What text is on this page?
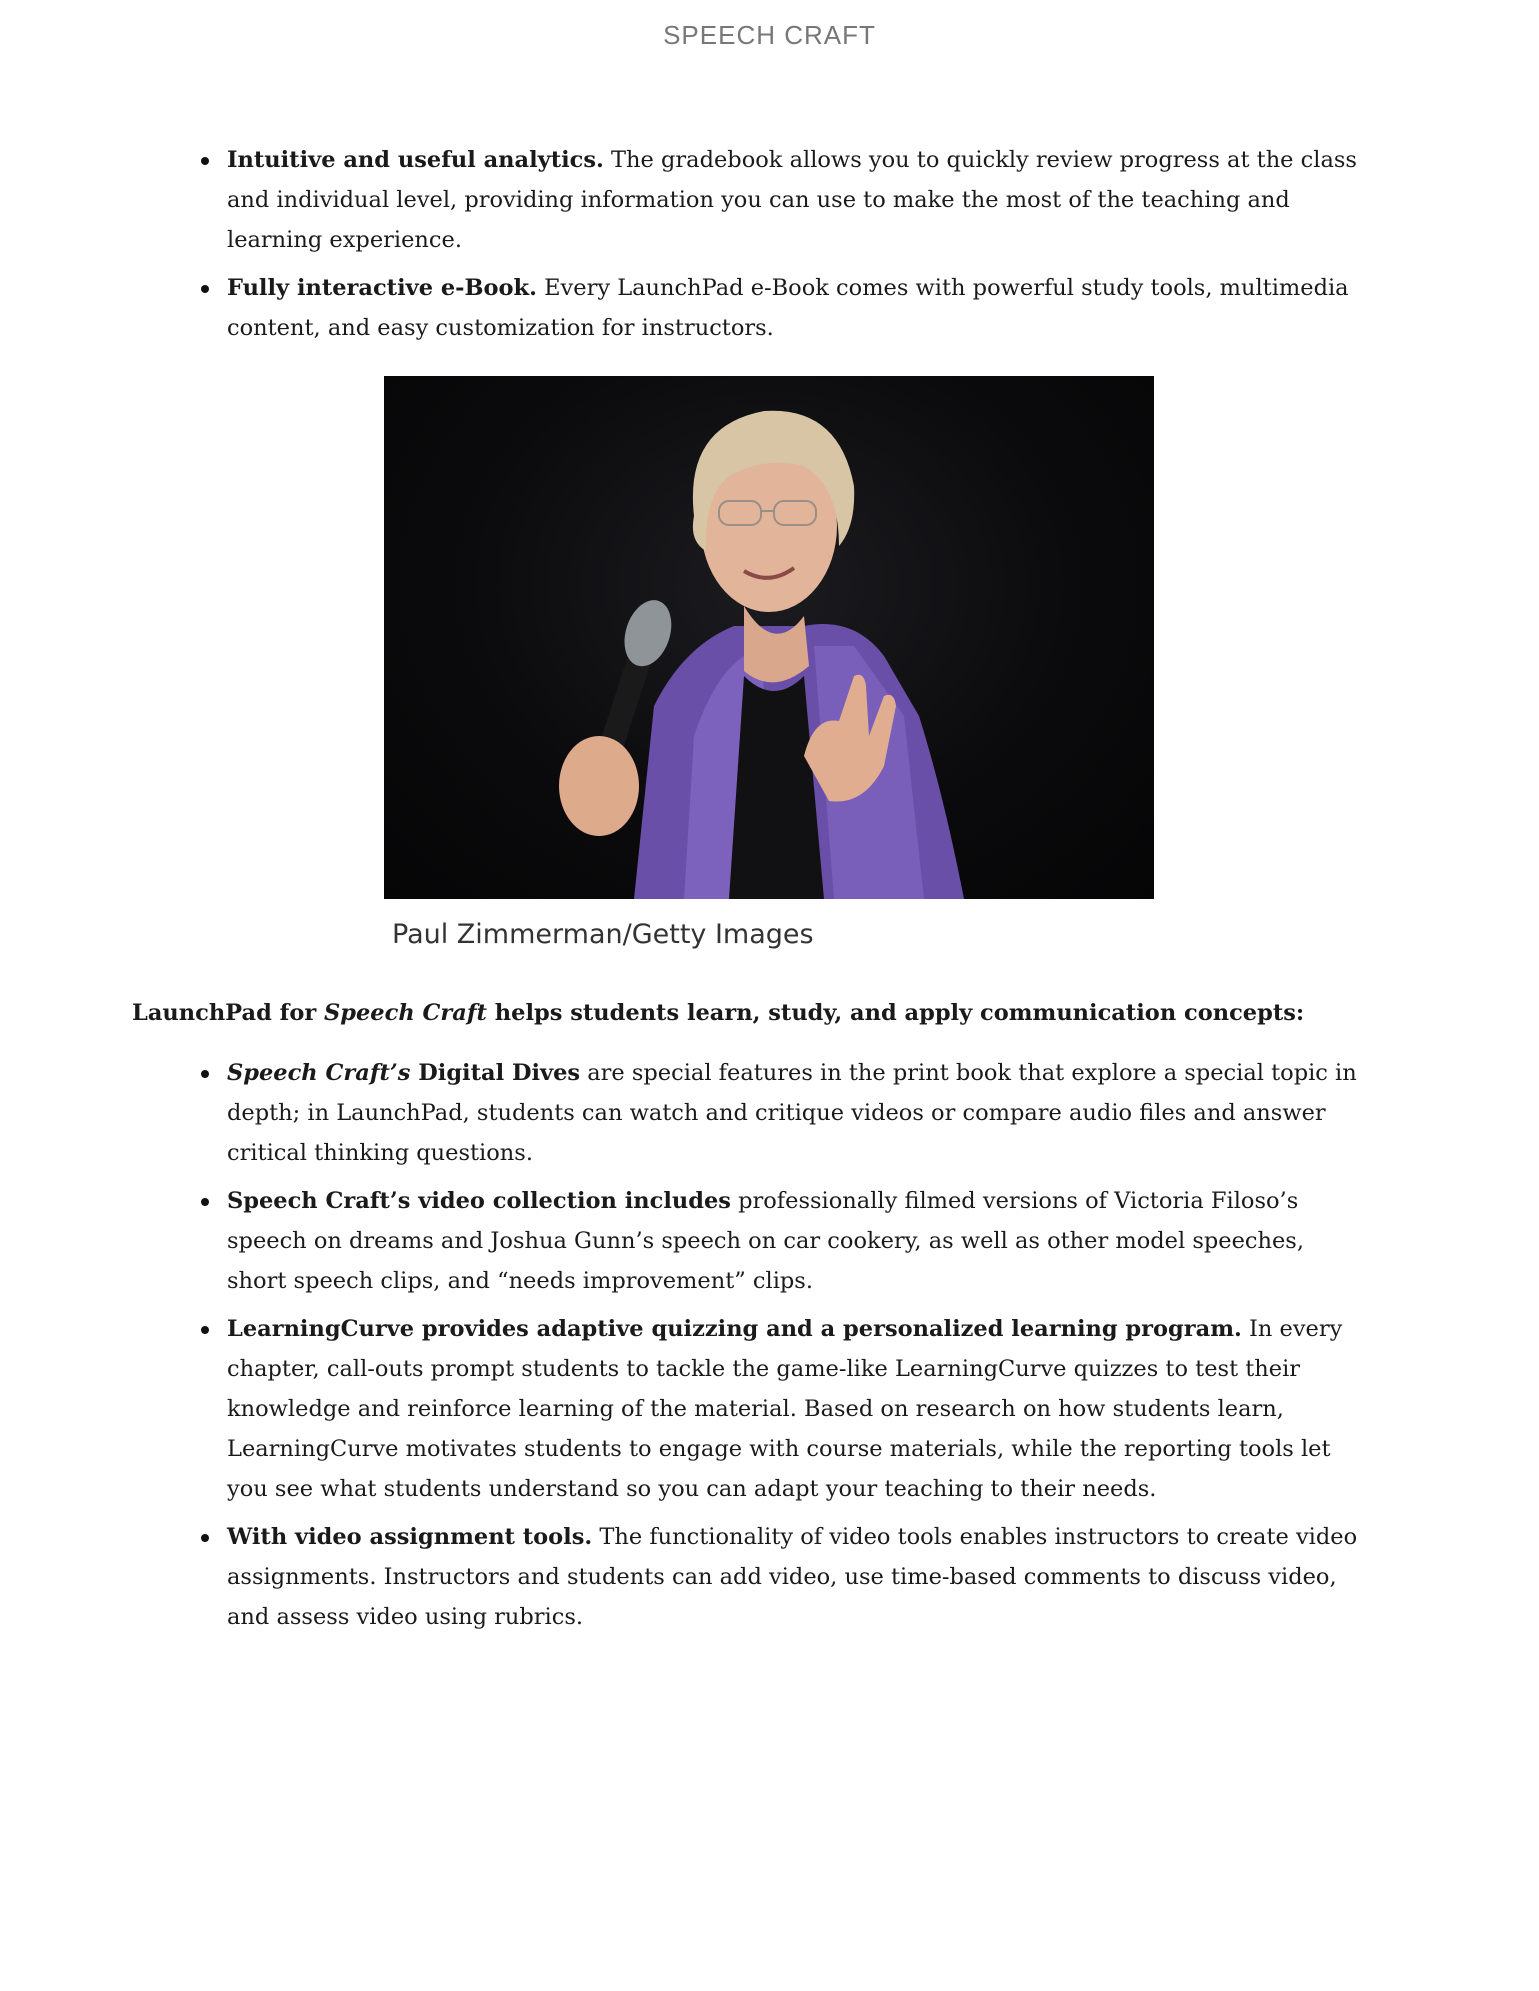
SPEECH CRAFT
Intuitive and useful analytics. The gradebook allows you to quickly review progress at the class and individual level, providing information you can use to make the most of the teaching and learning experience.
Fully interactive e-Book. Every LaunchPad e-Book comes with powerful study tools, multimedia content, and easy customization for instructors.
Paul Zimmerman/Getty Images
LaunchPad for Speech Craft helps students learn, study, and apply communication concepts:
Speech Craft’s Digital Dives are special features in the print book that explore a special topic in depth; in LaunchPad, students can watch and critique videos or compare audio files and answer critical thinking questions.
Speech Craft’s video collection includes professionally filmed versions of Victoria Filoso’s speech on dreams and Joshua Gunn’s speech on car cookery, as well as other model speeches, short speech clips, and “needs improvement” clips.
LearningCurve provides adaptive quizzing and a personalized learning program. In every chapter, call-outs prompt students to tackle the game-like LearningCurve quizzes to test their knowledge and reinforce learning of the material. Based on research on how students learn, LearningCurve motivates students to engage with course materials, while the reporting tools let you see what students understand so you can adapt your teaching to their needs.
With video assignment tools. The functionality of video tools enables instructors to create video assignments. Instructors and students can add video, use time-based comments to discuss video, and assess video using rubrics.
